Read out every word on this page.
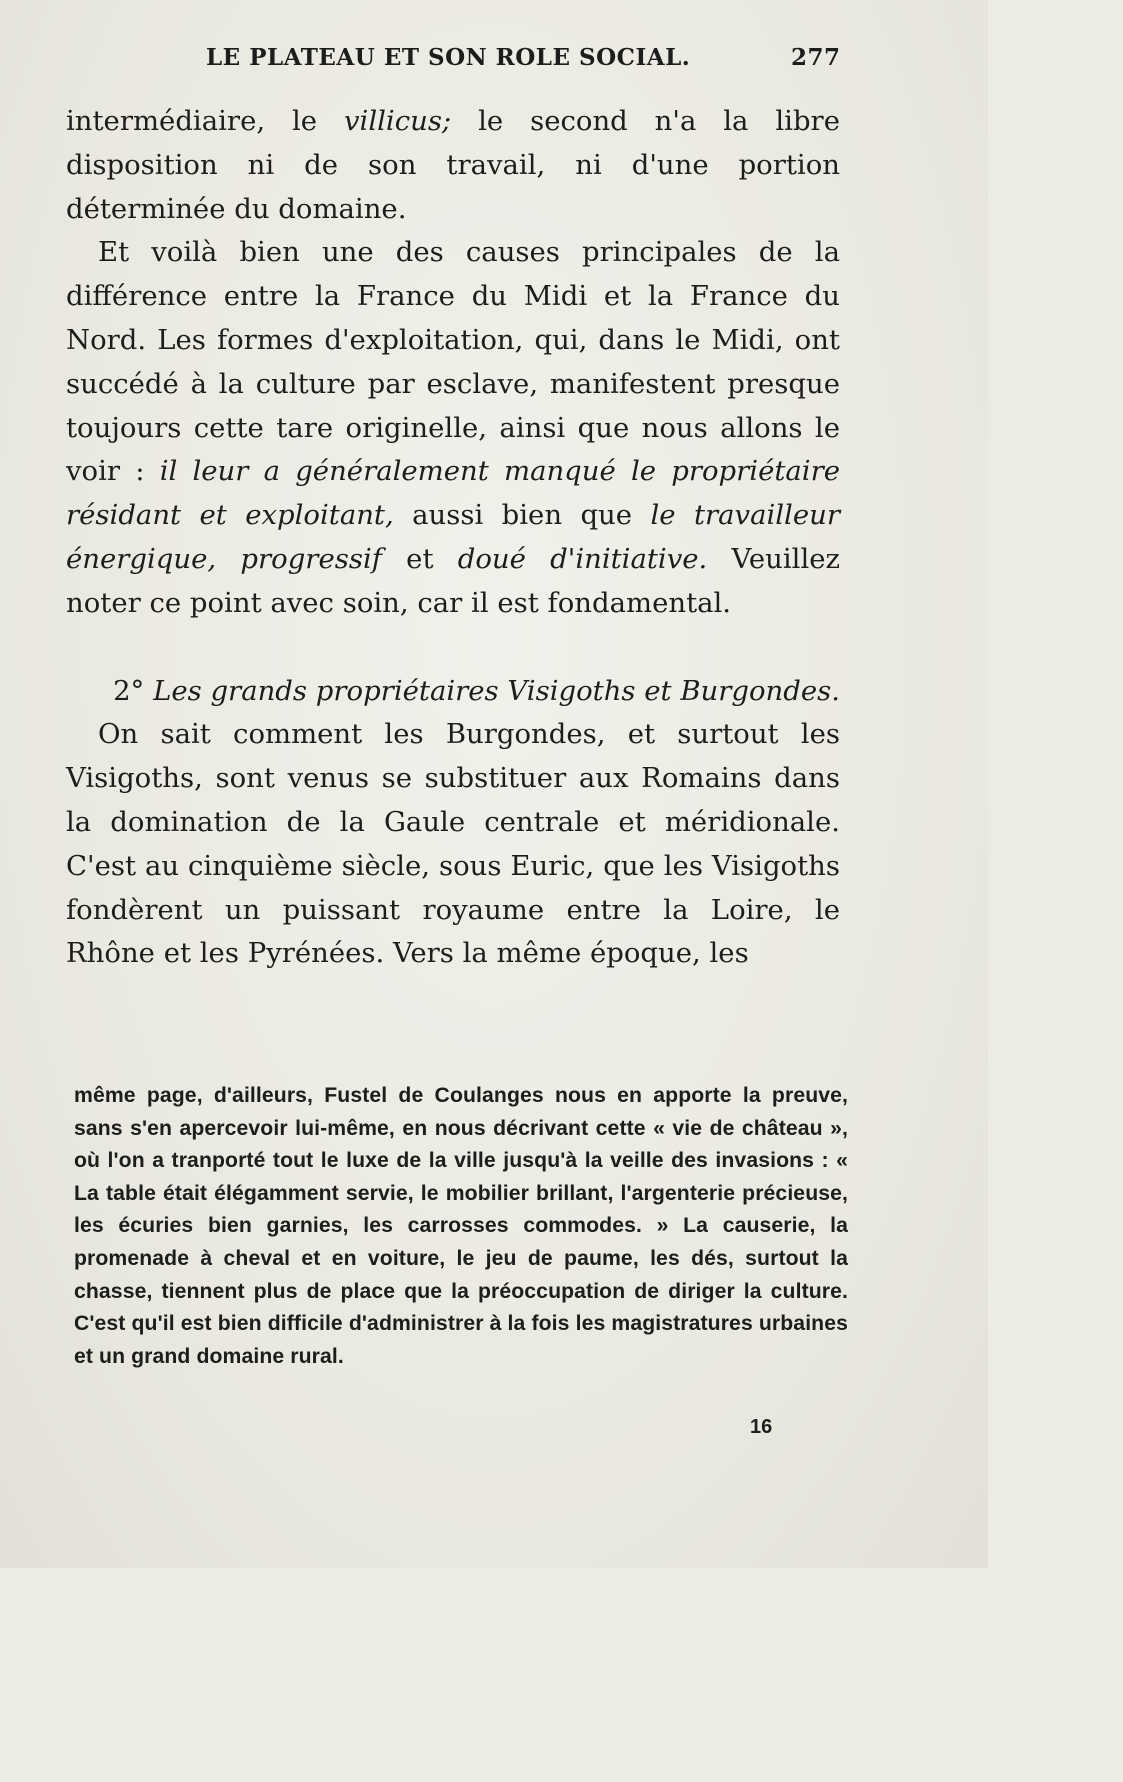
LE PLATEAU ET SON ROLE SOCIAL.	277

intermédiaire, le villicus; le second n'a la libre disposition ni de son travail, ni d'une portion déterminée du domaine.

Et voilà bien une des causes principales de la différence entre la France du Midi et la France du Nord. Les formes d'exploitation, qui, dans le Midi, ont succédé à la culture par esclave, manifestent presque toujours cette tare originelle, ainsi que nous allons le voir : il leur a généralement manqué le propriétaire résidant et exploitant, aussi bien que le travailleur énergique, progressif et doué d'initiative. Veuillez noter ce point avec soin, car il est fondamental.

2° Les grands propriétaires Visigoths et Burgondes.

On sait comment les Burgondes, et surtout les Visigoths, sont venus se substituer aux Romains dans la domination de la Gaule centrale et méridionale. C'est au cinquième siècle, sous Euric, que les Visigoths fondèrent un puissant royaume entre la Loire, le Rhône et les Pyrénées. Vers la même époque, les

même page, d'ailleurs, Fustel de Coulanges nous en apporte la preuve, sans s'en apercevoir lui-même, en nous décrivant cette « vie de château », où l'on a tranporté tout le luxe de la ville jusqu'à la veille des invasions : « La table était élégamment servie, le mobilier brillant, l'argenterie précieuse, les écuries bien garnies, les carrosses commodes. » La causerie, la promenade à cheval et en voiture, le jeu de paume, les dés, surtout la chasse, tiennent plus de place que la préoccupation de diriger la culture. C'est qu'il est bien difficile d'administrer à la fois les magistratures urbaines et un grand domaine rural.

16
